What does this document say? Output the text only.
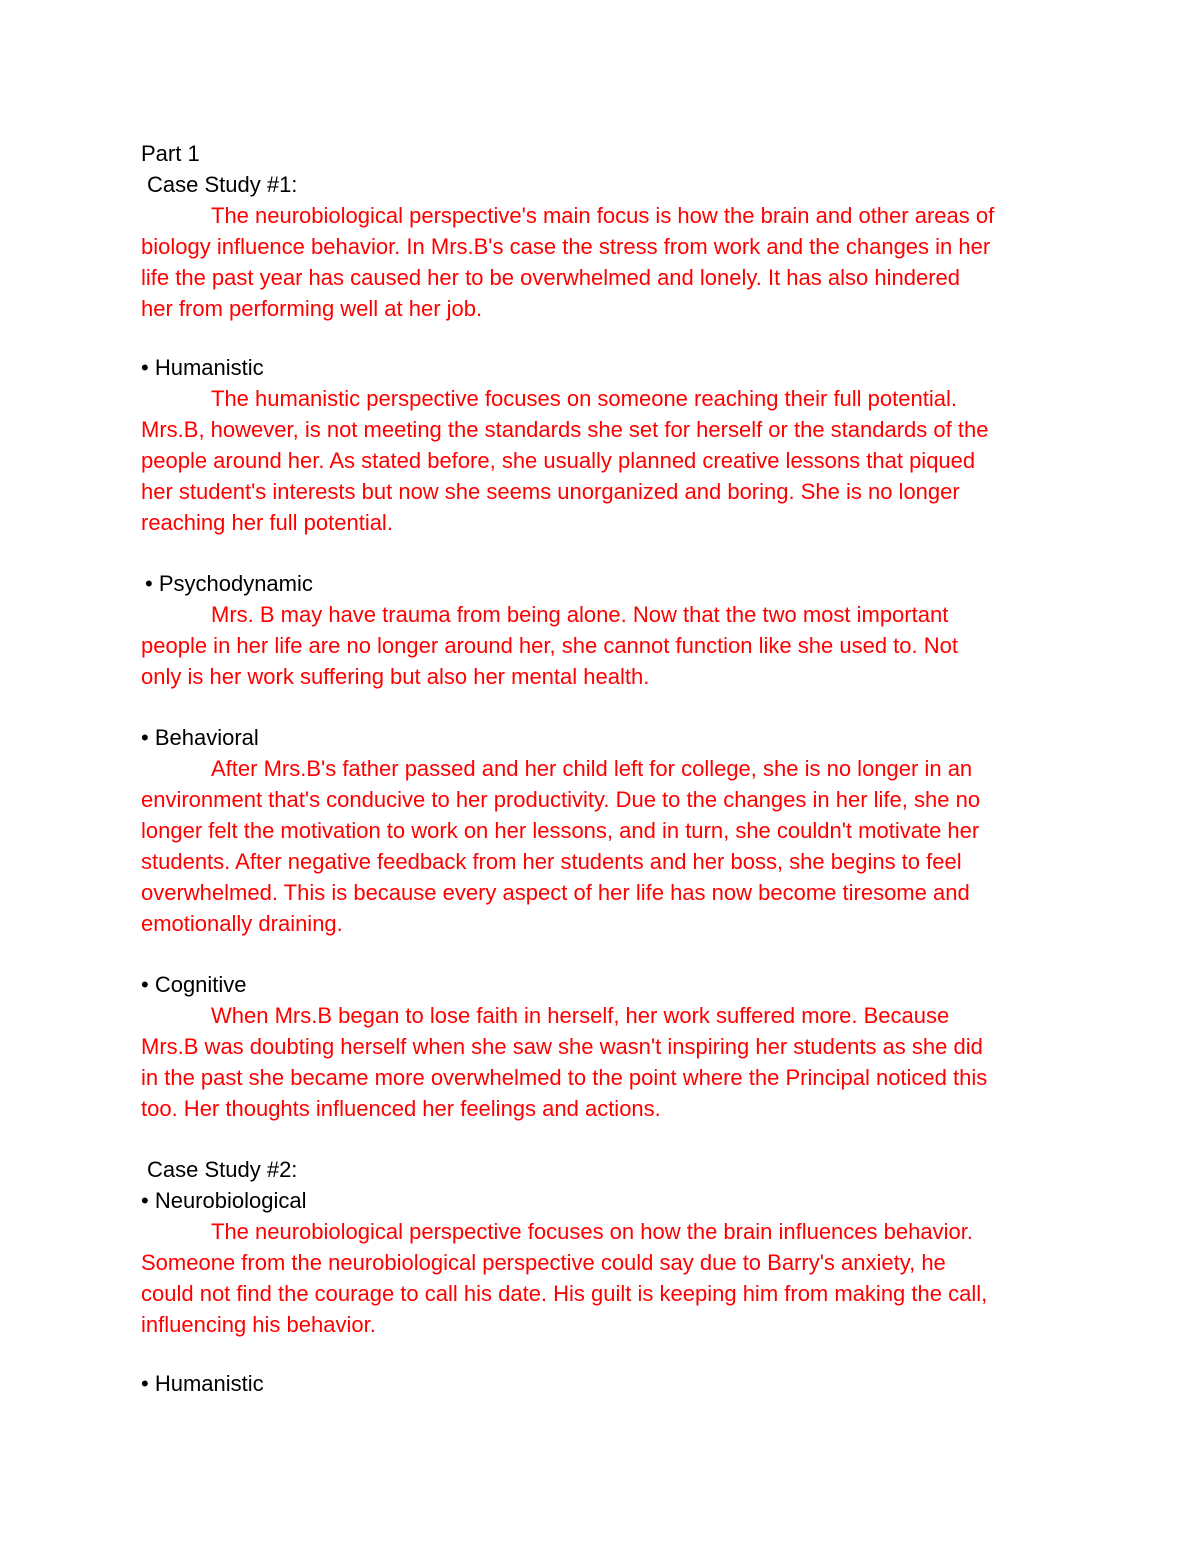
Part 1
Case Study #1:
The neurobiological perspective's main focus is how the brain and other areas of
biology influence behavior. In Mrs.B's case the stress from work and the changes in her
life the past year has caused her to be overwhelmed and lonely. It has also hindered
her from performing well at her job.
• Humanistic
The humanistic perspective focuses on someone reaching their full potential.
Mrs.B, however, is not meeting the standards she set for herself or the standards of the
people around her. As stated before, she usually planned creative lessons that piqued
her student's interests but now she seems unorganized and boring. She is no longer
reaching her full potential.
• Psychodynamic
Mrs. B may have trauma from being alone. Now that the two most important
people in her life are no longer around her, she cannot function like she used to. Not
only is her work suffering but also her mental health.
• Behavioral
After Mrs.B's father passed and her child left for college, she is no longer in an
environment that's conducive to her productivity. Due to the changes in her life, she no
longer felt the motivation to work on her lessons, and in turn, she couldn't motivate her
students. After negative feedback from her students and her boss, she begins to feel
overwhelmed. This is because every aspect of her life has now become tiresome and
emotionally draining.
• Cognitive
When Mrs.B began to lose faith in herself, her work suffered more. Because
Mrs.B was doubting herself when she saw she wasn't inspiring her students as she did
in the past she became more overwhelmed to the point where the Principal noticed this
too. Her thoughts influenced her feelings and actions.
Case Study #2:
• Neurobiological
The neurobiological perspective focuses on how the brain influences behavior.
Someone from the neurobiological perspective could say due to Barry's anxiety, he
could not find the courage to call his date. His guilt is keeping him from making the call,
influencing his behavior.
• Humanistic
